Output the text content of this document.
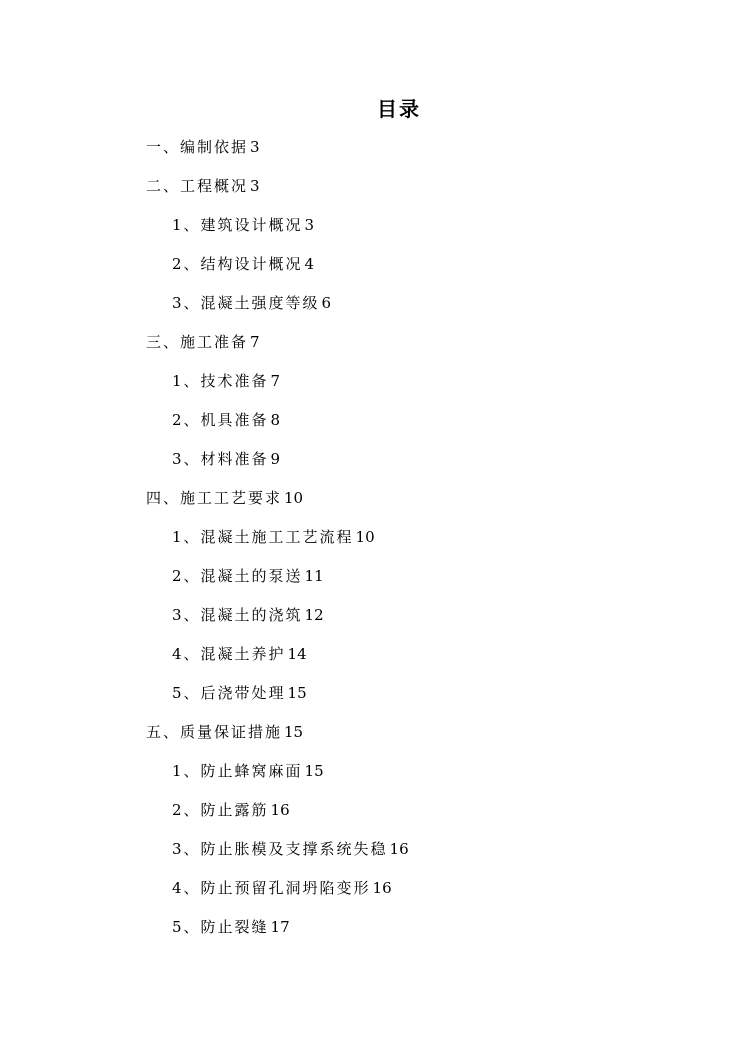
目录
一、编制依据 3
二、工程概况 3
1、建筑设计概况 3
2、结构设计概况 4
3、混凝土强度等级 6
三、施工准备 7
1、技术准备 7
2、机具准备 8
3、材料准备 9
四、施工工艺要求 10
1、混凝土施工工艺流程 10
2、混凝土的泵送 11
3、混凝土的浇筑 12
4、混凝土养护 14
5、后浇带处理 15
五、质量保证措施 15
1、防止蜂窝麻面 15
2、防止露筋 16
3、防止胀模及支撑系统失稳 16
4、防止预留孔洞坍陷变形 16
5、防止裂缝 17
